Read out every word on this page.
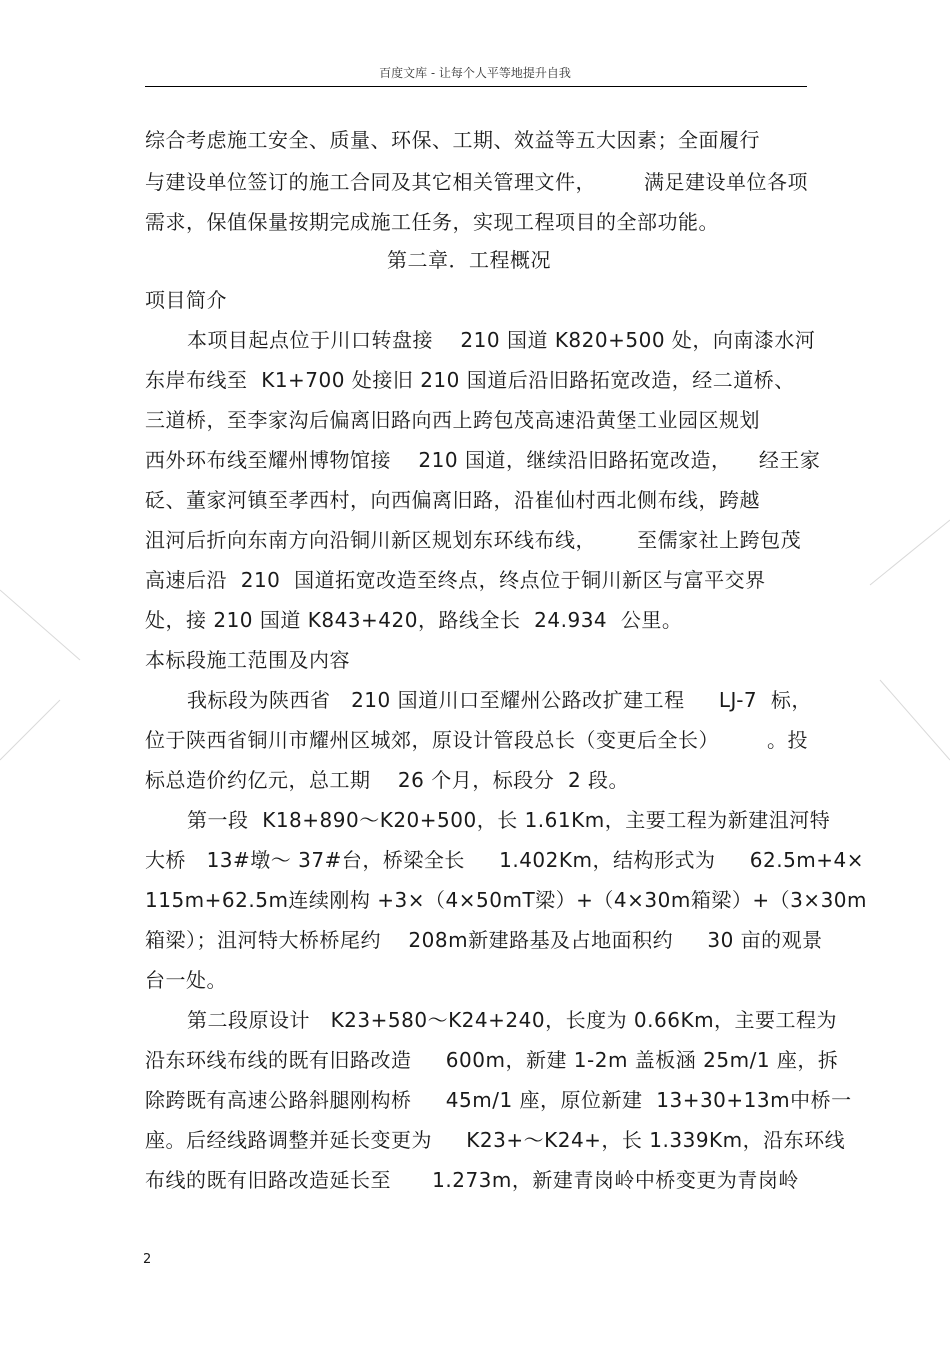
百度文库 - 让每个人平等地提升自我
综合考虑施工安全、质量、环保、工期、效益等五大因素；全面履行
与建设单位签订的施工合同及其它相关管理文件，       满足建设单位各项
需求，保值保量按期完成施工任务，实现工程项目的全部功能。
第二章．工程概况
项目简介
本项目起点位于川口转盘接    210 国道 K820+500 处，向南漆水河
东岸布线至  K1+700 处接旧 210 国道后沿旧路拓宽改造，经二道桥、
三道桥，至李家沟后偏离旧路向西上跨包茂高速沿黄堡工业园区规划
西外环布线至耀州博物馆接    210 国道，继续沿旧路拓宽改造，    经王家
砭、董家河镇至孝西村，向西偏离旧路，沿崔仙村西北侧布线，跨越
沮河后折向东南方向沿铜川新区规划东环线布线，      至儒家社上跨包茂
高速后沿  210  国道拓宽改造至终点，终点位于铜川新区与富平交界
处，接 210 国道 K843+420，路线全长  24.934  公里。
本标段施工范围及内容
我标段为陕西省   210 国道川口至耀州公路改扩建工程     LJ-7  标，
位于陕西省铜川市耀州区城郊，原设计管段总长（变更后全长）       。投
标总造价约亿元，总工期    26 个月，标段分  2 段。
第一段  K18+890～K20+500，长 1.61Km，主要工程为新建沮河特
大桥   13#墩～ 37#台，桥梁全长     1.402Km，结构形式为     62.5m+4×
115m+62.5m连续刚构 +3×（4×50mT梁）+（4×30m箱梁）+（3×30m
箱梁）；沮河特大桥桥尾约    208m新建路基及占地面积约     30 亩的观景
台一处。
第二段原设计   K23+580～K24+240，长度为 0.66Km，主要工程为
沿东环线布线的既有旧路改造     600m，新建 1-2m 盖板涵 25m/1 座，拆
除跨既有高速公路斜腿刚构桥     45m/1 座，原位新建  13+30+13m中桥一
座。后经线路调整并延长变更为     K23+～K24+，长 1.339Km，沿东环线
布线的既有旧路改造延长至      1.273m，新建青岗岭中桥变更为青岗岭
2
